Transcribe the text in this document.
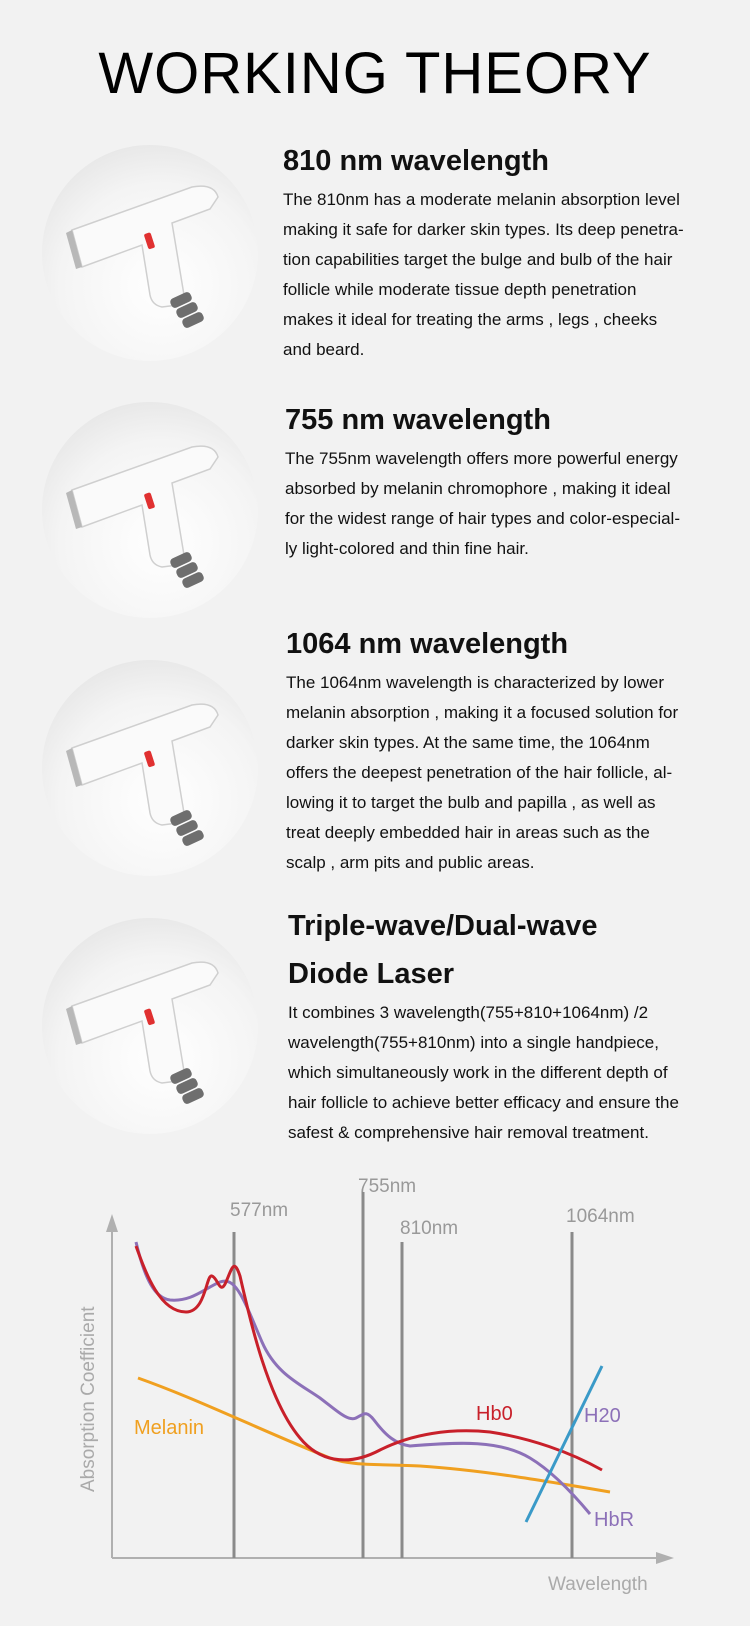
WORKING THEORY
810 nm wavelength

The 810nm has a moderate melanin absorption level
making it safe for darker skin types. Its deep penetra-
tion capabilities target the bulge and bulb of the hair
follicle while moderate tissue depth penetration
makes it ideal for treating the arms , legs , cheeks
and beard.

755 nm wavelength

The 755nm wavelength offers more powerful energy
absorbed by melanin chromophore , making it ideal
for the widest range of hair types and color-especial-
ly light-colored and thin fine hair.

1064 nm wavelength

The 1064nm wavelength is characterized by lower
melanin absorption , making it a focused solution for
darker skin types. At the same time, the 1064nm
offers the deepest penetration of the hair follicle, al-
lowing it to target the bulb and papilla , as well as
treat deeply embedded hair in areas such as the
scalp , arm pits and public areas.

Triple-wave/Dual-wave
Diode Laser

It combines 3 wavelength(755+810+1064nm) /2
wavelength(755+810nm) into a single handpiece,
which simultaneously work in the different depth of
hair follicle to achieve better efficacy and ensure the
safest & comprehensive hair removal treatment.

577nm
755nm
810nm
1064nm
Melanin
Hb0	H20
HbR
Absorption Coefficient
Wavelength
